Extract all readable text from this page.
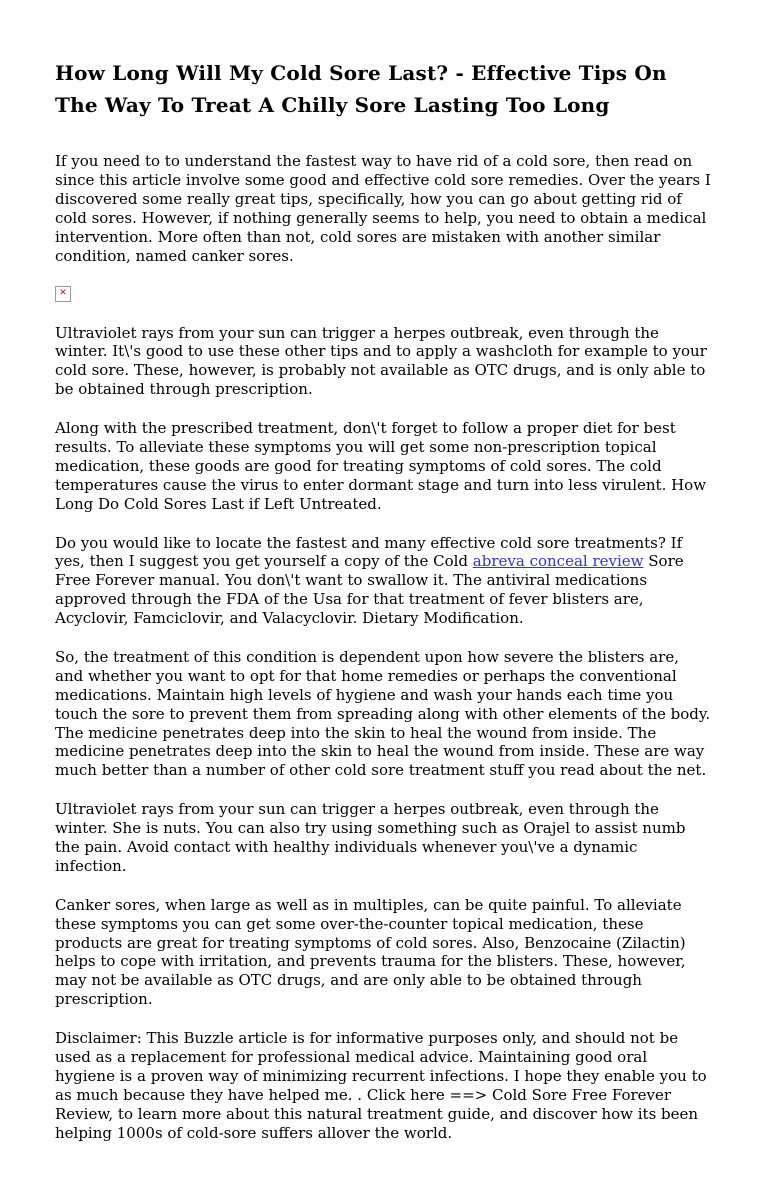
How Long Will My Cold Sore Last? - Effective Tips On The Way To Treat A Chilly Sore Lasting Too Long

If you need to to understand the fastest way to have rid of a cold sore, then read on since this article involve some good and effective cold sore remedies. Over the years I discovered some really great tips, specifically, how you can go about getting rid of cold sores. However, if nothing generally seems to help, you need to obtain a medical intervention. More often than not, cold sores are mistaken with another similar condition, named canker sores.

✕

Ultraviolet rays from your sun can trigger a herpes outbreak, even through the winter. It\'s good to use these other tips and to apply a washcloth for example to your cold sore. These, however, is probably not available as OTC drugs, and is only able to be obtained through prescription.

Along with the prescribed treatment, don\'t forget to follow a proper diet for best results. To alleviate these symptoms you will get some non-prescription topical medication, these goods are good for treating symptoms of cold sores. The cold temperatures cause the virus to enter dormant stage and turn into less virulent. How Long Do Cold Sores Last if Left Untreated.

Do you would like to locate the fastest and many effective cold sore treatments? If yes, then I suggest you get yourself a copy of the Cold abreva conceal review Sore Free Forever manual. You don\'t want to swallow it. The antiviral medications approved through the FDA of the Usa for that treatment of fever blisters are, Acyclovir, Famciclovir, and Valacyclovir. Dietary Modification.

So, the treatment of this condition is dependent upon how severe the blisters are, and whether you want to opt for that home remedies or perhaps the conventional medications. Maintain high levels of hygiene and wash your hands each time you touch the sore to prevent them from spreading along with other elements of the body. The medicine penetrates deep into the skin to heal the wound from inside. The medicine penetrates deep into the skin to heal the wound from inside. These are way much better than a number of other cold sore treatment stuff you read about the net.

Ultraviolet rays from your sun can trigger a herpes outbreak, even through the winter. She is nuts. You can also try using something such as Orajel to assist numb the pain. Avoid contact with healthy individuals whenever you\'ve a dynamic infection.

Canker sores, when large as well as in multiples, can be quite painful. To alleviate these symptoms you can get some over-the-counter topical medication, these products are great for treating symptoms of cold sores. Also, Benzocaine (Zilactin) helps to cope with irritation, and prevents trauma for the blisters. These, however, may not be available as OTC drugs, and are only able to be obtained through prescription.

Disclaimer: This Buzzle article is for informative purposes only, and should not be used as a replacement for professional medical advice. Maintaining good oral hygiene is a proven way of minimizing recurrent infections. I hope they enable you to as much because they have helped me. . Click here ==> Cold Sore Free Forever Review, to learn more about this natural treatment guide, and discover how its been helping 1000s of cold-sore suffers allover the world.
